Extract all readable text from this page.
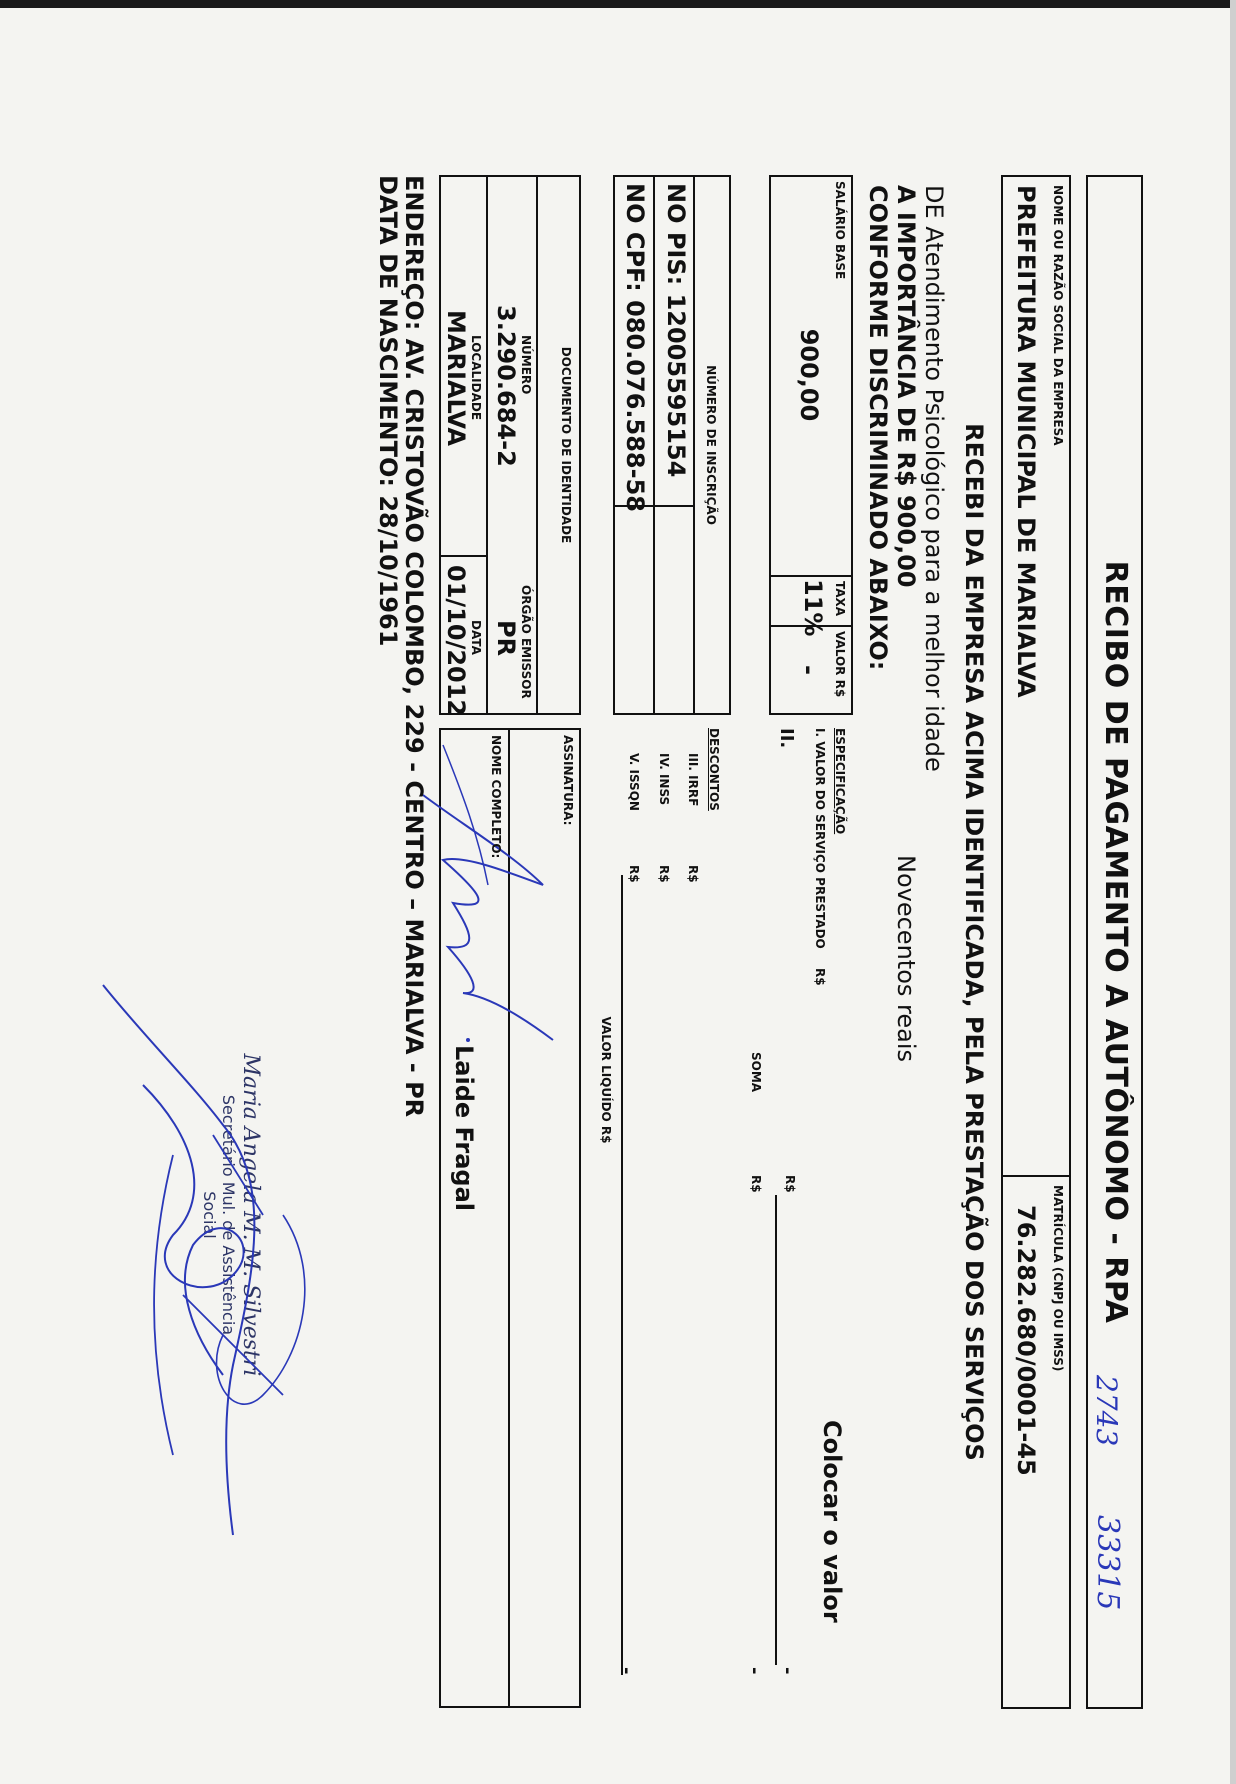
RECIBO DE PAGAMENTO A AUTÔNOMO - RPA
2743
33315
NOME OU RAZÃO SOCIAL DA EMPRESA
PREFEITURA MUNICIPAL DE MARIALVA
MATRÍCULA (CNPJ OU IMSS)
76.282.680/0001-45
RECEBI DA EMPRESA ACIMA IDENTIFICADA, PELA PRESTAÇÃO DOS SERVIÇOS
DE Atendimento Psicológico para a melhor idade
A IMPORTÂNCIA DE R$ 900,00
Novecentos reais
CONFORME DISCRIMINADO ABAIXO:
Colocar o valor
SALÁRIO BASE
900,00
TAXA
11%
VALOR R$
-
ESPECIFICAÇÃO
I. VALOR DO SERVIÇO PRESTADO
R$
II.
R$
-
SOMA
R$
-
DESCONTOS
III. IRRF
R$
IV. INSS
R$
V. ISSQN
R$
VALOR LIQUÍDO R$
-
NÚMERO DE INSCRIÇÃO
NO PIS: 12005595154
NO CPF: 080.076.588-58
ASSINATURA:
DOCUMENTO DE IDENTIDADE
NÚMERO
3.290.684-2
ÓRGÃO EMISSOR
PR
LOCALIDADE
MARIALVA
DATA
01/10/2012
NOME COMPLETO:
Laide Fragal
ENDEREÇO: AV. CRISTOVÃO COLOMBO, 229 - CENTRO – MARIALVA - PR
DATA DE NASCIMENTO: 28/10/1961
Maria Angela M. M. Silvestri
Secretário Mul. de Assistência
Social
